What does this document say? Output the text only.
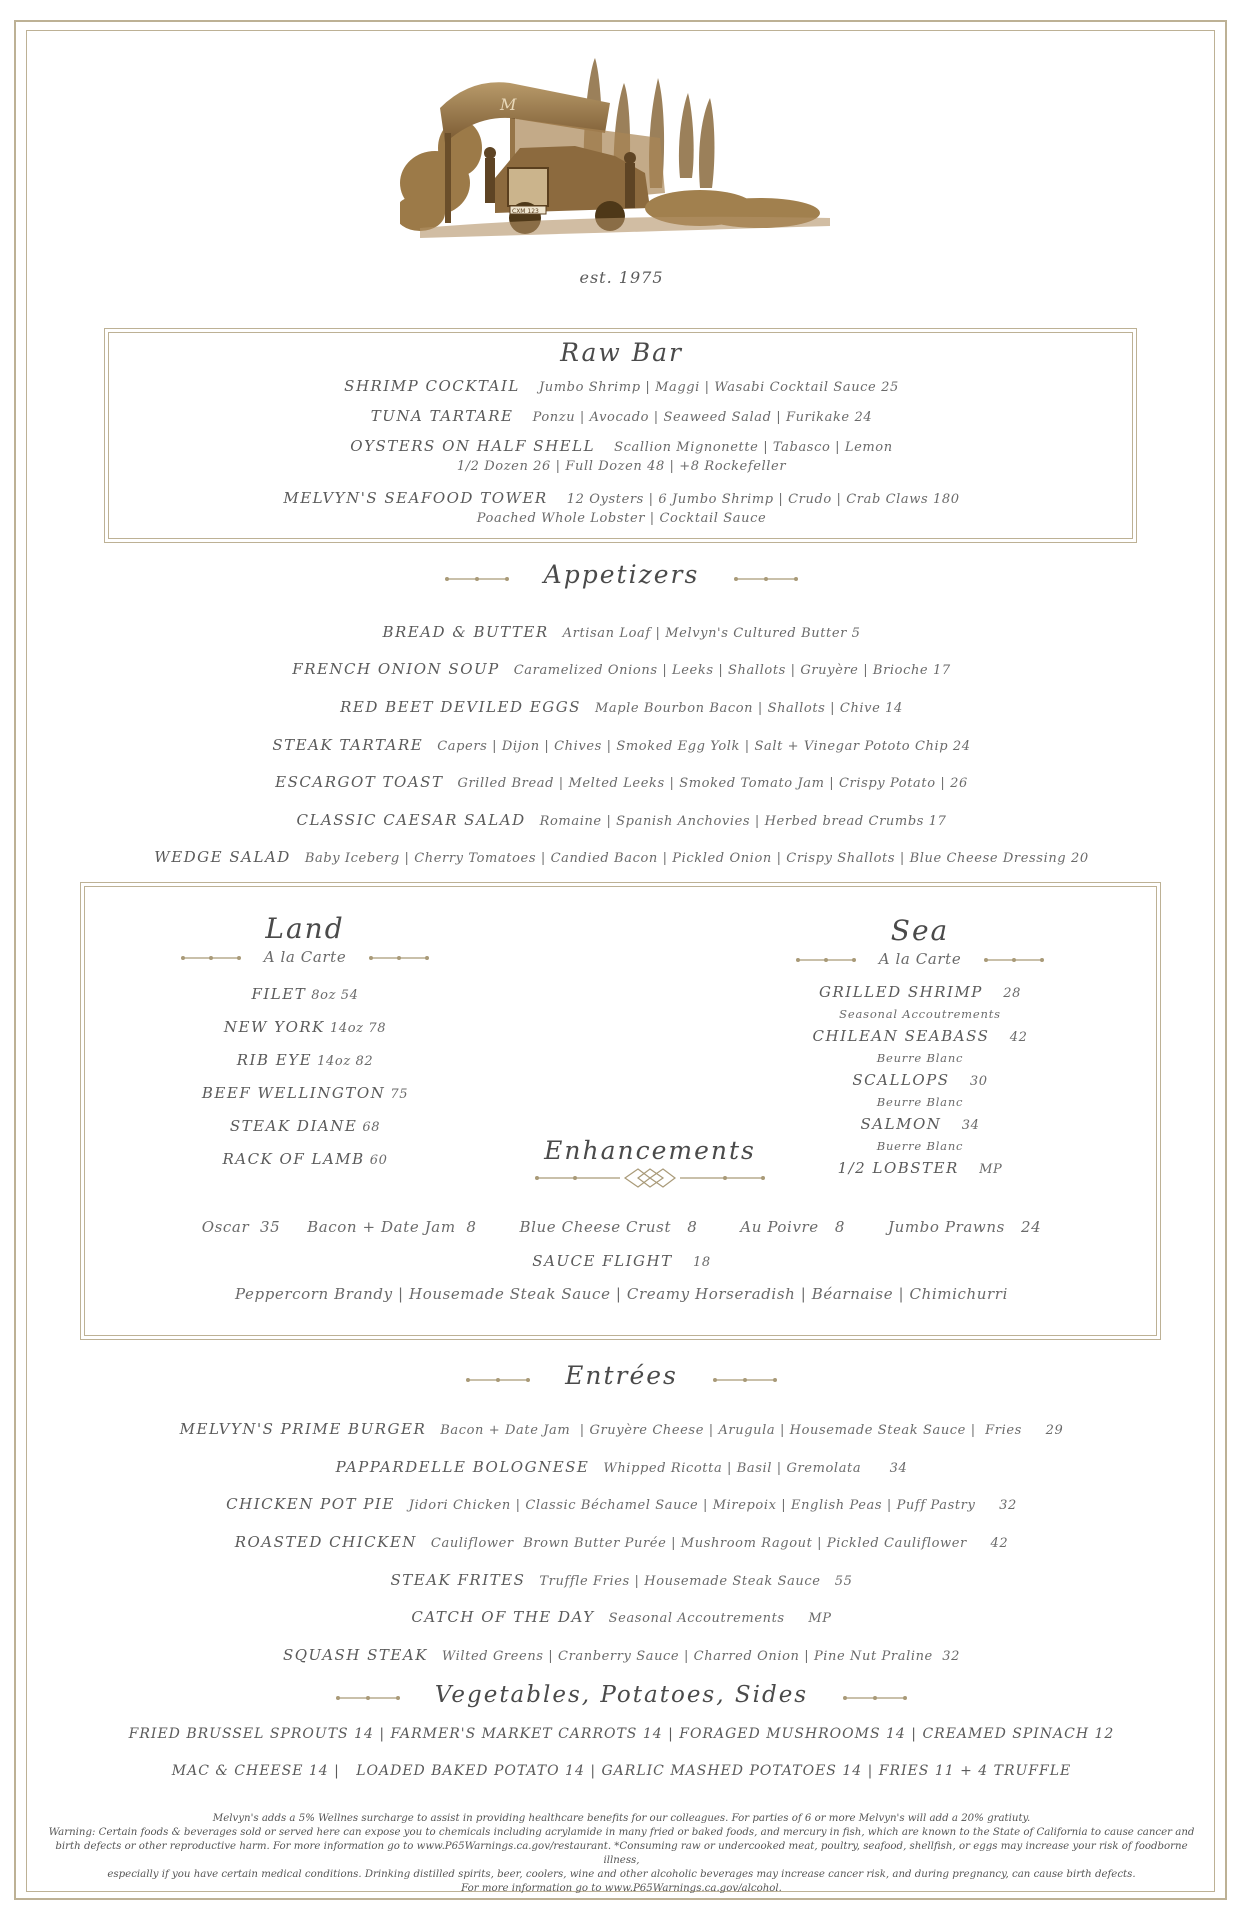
M
CXM 123
est. 1975
Raw Bar
SHRIMP COCKTAIL Jumbo Shrimp | Maggi | Wasabi Cocktail Sauce 25
TUNA TARTARE Ponzu | Avocado | Seaweed Salad | Furikake 24
OYSTERS ON HALF SHELL Scallion Mignonette | Tabasco | Lemon
1/2 Dozen 26 | Full Dozen 48 | +8 Rockefeller
MELVYN'S SEAFOOD TOWER 12 Oysters | 6 Jumbo Shrimp | Crudo | Crab Claws 180
Poached Whole Lobster | Cocktail Sauce
Appetizers
BREAD & BUTTER Artisan Loaf | Melvyn's Cultured Butter 5
FRENCH ONION SOUP Caramelized Onions | Leeks | Shallots | Gruyère | Brioche 17
RED BEET DEVILED EGGS Maple Bourbon Bacon | Shallots | Chive 14
STEAK TARTARE Capers | Dijon | Chives | Smoked Egg Yolk | Salt + Vinegar Pototo Chip 24
ESCARGOT TOAST Grilled Bread | Melted Leeks | Smoked Tomato Jam | Crispy Potato | 26
CLASSIC CAESAR SALAD Romaine | Spanish Anchovies | Herbed bread Crumbs 17
WEDGE SALAD Baby Iceberg | Cherry Tomatoes | Candied Bacon | Pickled Onion | Crispy Shallots | Blue Cheese Dressing 20
Land
A la Carte
FILET 8oz 54
NEW YORK 14oz 78
RIB EYE 14oz 82
BEEF WELLINGTON 75
STEAK DIANE 68
RACK OF LAMB 60
Sea
A la Carte
GRILLED SHRIMP 28
Seasonal Accoutrements
CHILEAN SEABASS 42
Beurre Blanc
SCALLOPS 30
Beurre Blanc
SALMON 34
Buerre Blanc
1/2 LOBSTER MP
Enhancements
Oscar  35     Bacon + Date Jam  8        Blue Cheese Crust   8        Au Poivre   8        Jumbo Prawns   24
SAUCE FLIGHT 18
Peppercorn Brandy | Housemade Steak Sauce | Creamy Horseradish | Béarnaise | Chimichurri
Entrées
MELVYN'S PRIME BURGER Bacon + Date Jam  | Gruyère Cheese | Arugula | Housemade Steak Sauce |  Fries     29
PAPPARDELLE BOLOGNESE Whipped Ricotta | Basil | Gremolata      34
CHICKEN POT PIE Jidori Chicken | Classic Béchamel Sauce | Mirepoix | English Peas | Puff Pastry     32
ROASTED CHICKEN Cauliflower  Brown Butter Purée | Mushroom Ragout | Pickled Cauliflower     42
STEAK FRITES Truffle Fries | Housemade Steak Sauce   55
CATCH OF THE DAY Seasonal Accoutrements     MP
SQUASH STEAK Wilted Greens | Cranberry Sauce | Charred Onion | Pine Nut Praline  32
Vegetables, Potatoes, Sides
FRIED BRUSSEL SPROUTS 14 | FARMER'S MARKET CARROTS 14 | FORAGED MUSHROOMS 14 | CREAMED SPINACH 12
MAC & CHEESE 14 |   LOADED BAKED POTATO 14 | GARLIC MASHED POTATOES 14 | FRIES 11 + 4 TRUFFLE
Melvyn's adds a 5% Wellnes surcharge to assist in providing healthcare benefits for our colleagues. For parties of 6 or more Melvyn's will add a 20% gratiuty.
Warning: Certain foods & beverages sold or served here can expose you to chemicals including acrylamide in many fried or baked foods, and mercury in fish, which are known to the State of California to cause cancer and
birth defects or other reproductive harm. For more information go to www.P65Warnings.ca.gov/restaurant. *Consuming raw or undercooked meat, poultry, seafood, shellfish, or eggs may increase your risk of foodborne illness,
especially if you have certain medical conditions. Drinking distilled spirits, beer, coolers, wine and other alcoholic beverages may increase cancer risk, and during pregnancy, can cause birth defects.
For more information go to www.P65Warnings.ca.gov/alcohol.
